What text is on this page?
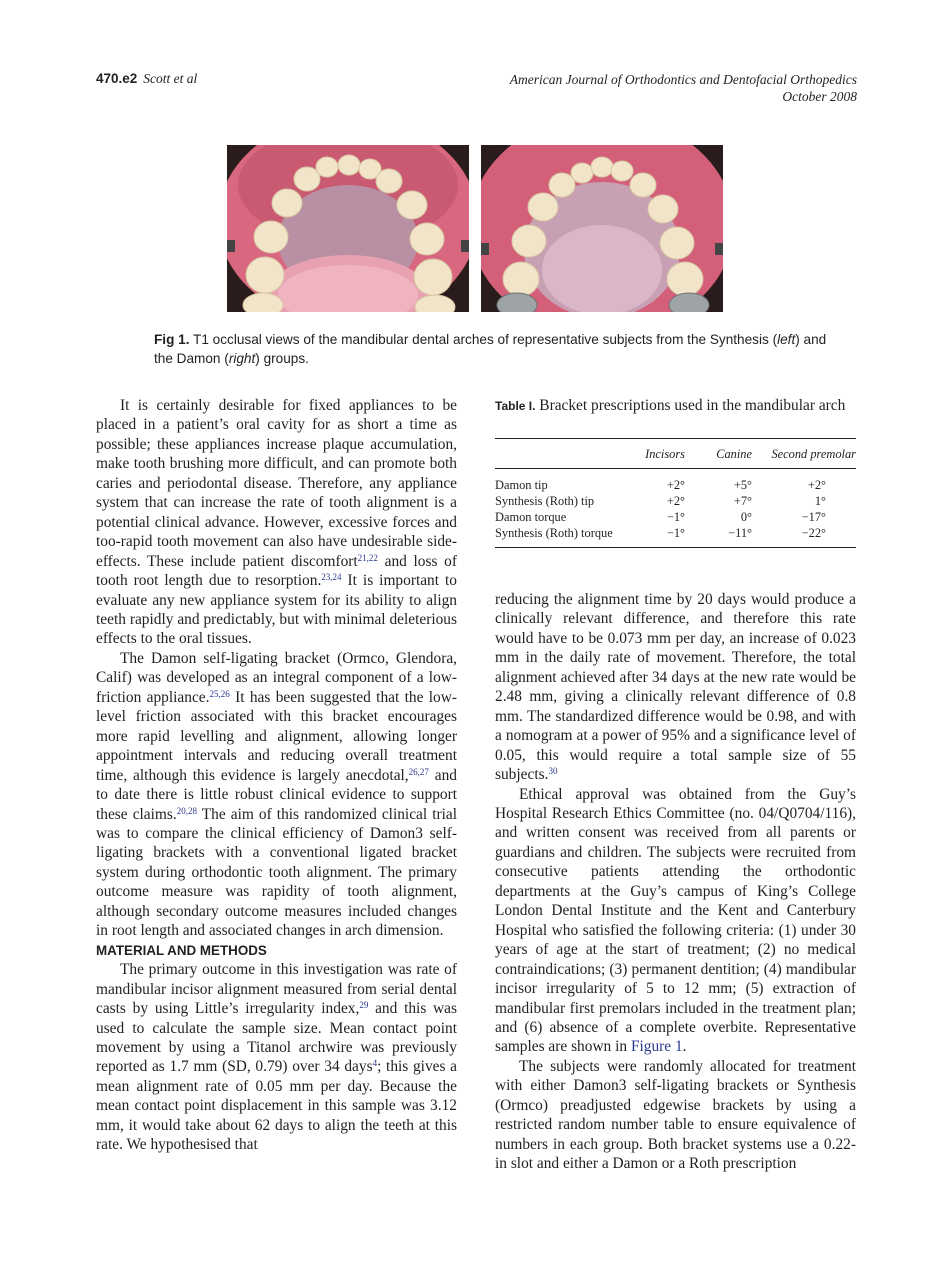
470.e2 Scott et al	American Journal of Orthodontics and Dentofacial Orthopedics
October 2008
Fig 1. T1 occlusal views of the mandibular dental arches of representative subjects from the Synthesis (left) and the Damon (right) groups.

It is certainly desirable for fixed appliances to be placed in a patient’s oral cavity for as short a time as possible; these appliances increase plaque accumulation, make tooth brushing more difficult, and can promote both caries and periodontal disease. Therefore, any appliance system that can increase the rate of tooth alignment is a potential clinical advance. However, excessive forces and too-rapid tooth movement can also have undesirable side-effects. These include patient discomfort$^{21,22}$ and loss of tooth root length due to resorption.$^{23,24}$ It is important to evaluate any new appliance system for its ability to align teeth rapidly and predictably, but with minimal deleterious effects to the oral tissues.

The Damon self-ligating bracket (Ormco, Glendora, Calif) was developed as an integral component of a low-friction appliance.$^{25,26}$ It has been suggested that the low-level friction associated with this bracket encourages more rapid levelling and alignment, allowing longer appointment intervals and reducing overall treatment time, although this evidence is largely anecdotal,$^{26,27}$ and to date there is little robust clinical evidence to support these claims.$^{20,28}$ The aim of this randomized clinical trial was to compare the clinical efficiency of Damon3 self-ligating brackets with a conventional ligated bracket system during orthodontic tooth alignment. The primary outcome measure was rapidity of tooth alignment, although secondary outcome measures included changes in root length and associated changes in arch dimension.

MATERIAL AND METHODS

The primary outcome in this investigation was rate of mandibular incisor alignment measured from serial dental casts by using Little’s irregularity index,$^{29}$ and this was used to calculate the sample size. Mean contact point movement by using a Titanol archwire was previously reported as 1.7 mm (SD, 0.79) over 34 days$^4$; this gives a mean alignment rate of 0.05 mm per day. Because the mean contact point displacement in this sample was 3.12 mm, it would take about 62 days to align the teeth at this rate. We hypothesised that

Table I. Bracket prescriptions used in the mandibular arch
	Incisors	Canine	Second premolar
Damon tip	+2°	+5°	+2°
Synthesis (Roth) tip	+2°	+7°	1°
Damon torque	−1°	0°	−17°
Synthesis (Roth) torque	−1°	−11°	−22°

reducing the alignment time by 20 days would produce a clinically relevant difference, and therefore this rate would have to be 0.073 mm per day, an increase of 0.023 mm in the daily rate of movement. Therefore, the total alignment achieved after 34 days at the new rate would be 2.48 mm, giving a clinically relevant difference of 0.8 mm. The standardized difference would be 0.98, and with a nomogram at a power of 95% and a significance level of 0.05, this would require a total sample size of 55 subjects.$^{30}$

Ethical approval was obtained from the Guy’s Hospital Research Ethics Committee (no. 04/Q0704/116), and written consent was received from all parents or guardians and children. The subjects were recruited from consecutive patients attending the orthodontic departments at the Guy’s campus of King’s College London Dental Institute and the Kent and Canterbury Hospital who satisfied the following criteria: (1) under 30 years of age at the start of treatment; (2) no medical contraindications; (3) permanent dentition; (4) mandibular incisor irregularity of 5 to 12 mm; (5) extraction of mandibular first premolars included in the treatment plan; and (6) absence of a complete overbite. Representative samples are shown in Figure 1.

The subjects were randomly allocated for treatment with either Damon3 self-ligating brackets or Synthesis (Ormco) preadjusted edgewise brackets by using a restricted random number table to ensure equivalence of numbers in each group. Both bracket systems use a 0.22-in slot and either a Damon or a Roth prescription
